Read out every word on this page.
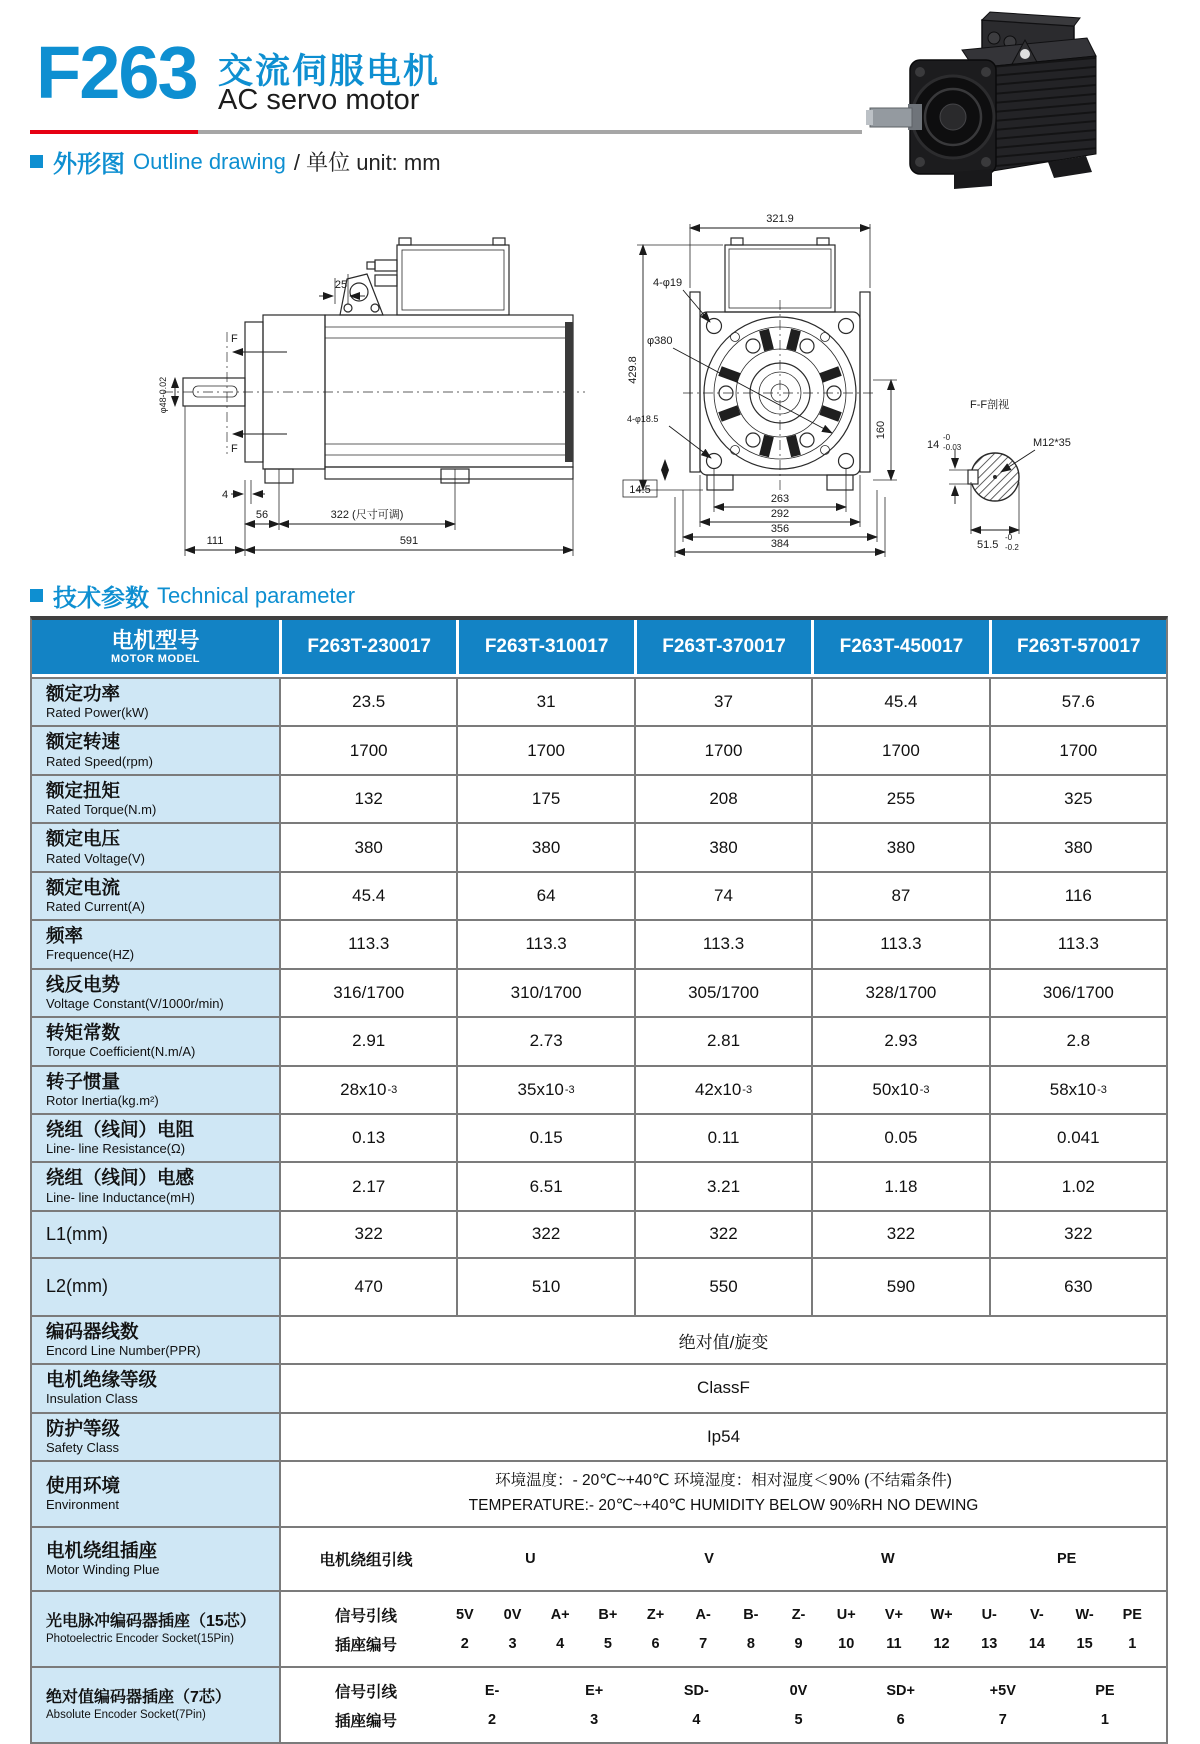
F263 交流伺服电机
AC servo motor
外形图 Outline drawing / 单位 unit: mm
φ48-0.02
F
F
25
4
56	322 (尺寸可调)
111	591
321.9
429.8
160
4-φ19
φ380
4-φ18.5
14.5
263
292
356
384
F-F剖视
14
-0
-0.03	M12*35
51.5
-0
-0.2
技术参数 Technical parameter
电机型号
MOTOR MODEL
F263T-230017	F263T-310017	F263T-370017	F263T-450017	F263T-570017
额定功率
Rated Power(kW)
23.5	31	37	45.4	57.6
额定转速
Rated Speed(rpm)
1700	1700	1700	1700	1700
额定扭矩
Rated Torque(N.m)
132	175	208	255	325
额定电压
Rated Voltage(V)
380	380	380	380	380
额定电流
Rated Current(A)
45.4	64	74	87	116
频率
Frequence(HZ)
113.3	113.3	113.3	113.3	113.3
线反电势
Voltage Constant(V/1000r/min)
316/1700	310/1700	305/1700	328/1700	306/1700
转矩常数
Torque Coefficient(N.m/A)
2.91	2.73	2.81	2.93	2.8
转子惯量
Rotor Inertia(kg.m²)
28x10 -3	35x10 -3	42x10 -3	50x10 -3	58x10 -3
绕组（线间）电阻
Line- line Resistance(Ω)
0.13	0.15	0.11	0.05	0.041
绕组（线间）电感
Line- line Inductance(mH)
2.17	6.51	3.21	1.18	1.02
L1(mm)	322	322	322	322	322
L2(mm)	470	510	550	590	630
编码器线数
Encord Line Number(PPR)	绝对值/旋变
电机绝缘等级
Insulation Class
ClassF
防护等级
Safety Class
Ip54
使用环境
Environment
环境温度：- 20℃~+40℃ 环境湿度：相对湿度＜90% (不结霜条件)
TEMPERATURE:- 20℃~+40℃ HUMIDITY BELOW 90%RH NO DEWING
电机绕组插座
Motor Winding Plue
电机绕组引线	U	V	W	PE
光电脉冲编码器插座（15芯）
Photoelectric Encoder Socket(15Pin)
信号引线	5V	0V	A+	B+	Z+	A-	B-	Z-	U+	V+	W+	U-	V-	W-	PE
插座编号	2	3	4	5	6	7	8	9	10	11	12	13	14	15	1
绝对值编码器插座（7芯）
Absolute Encoder Socket(7Pin)
信号引线	E-	E+	SD-	0V	SD+	+5V	PE
插座编号	2	3	4	5	6	7	1
